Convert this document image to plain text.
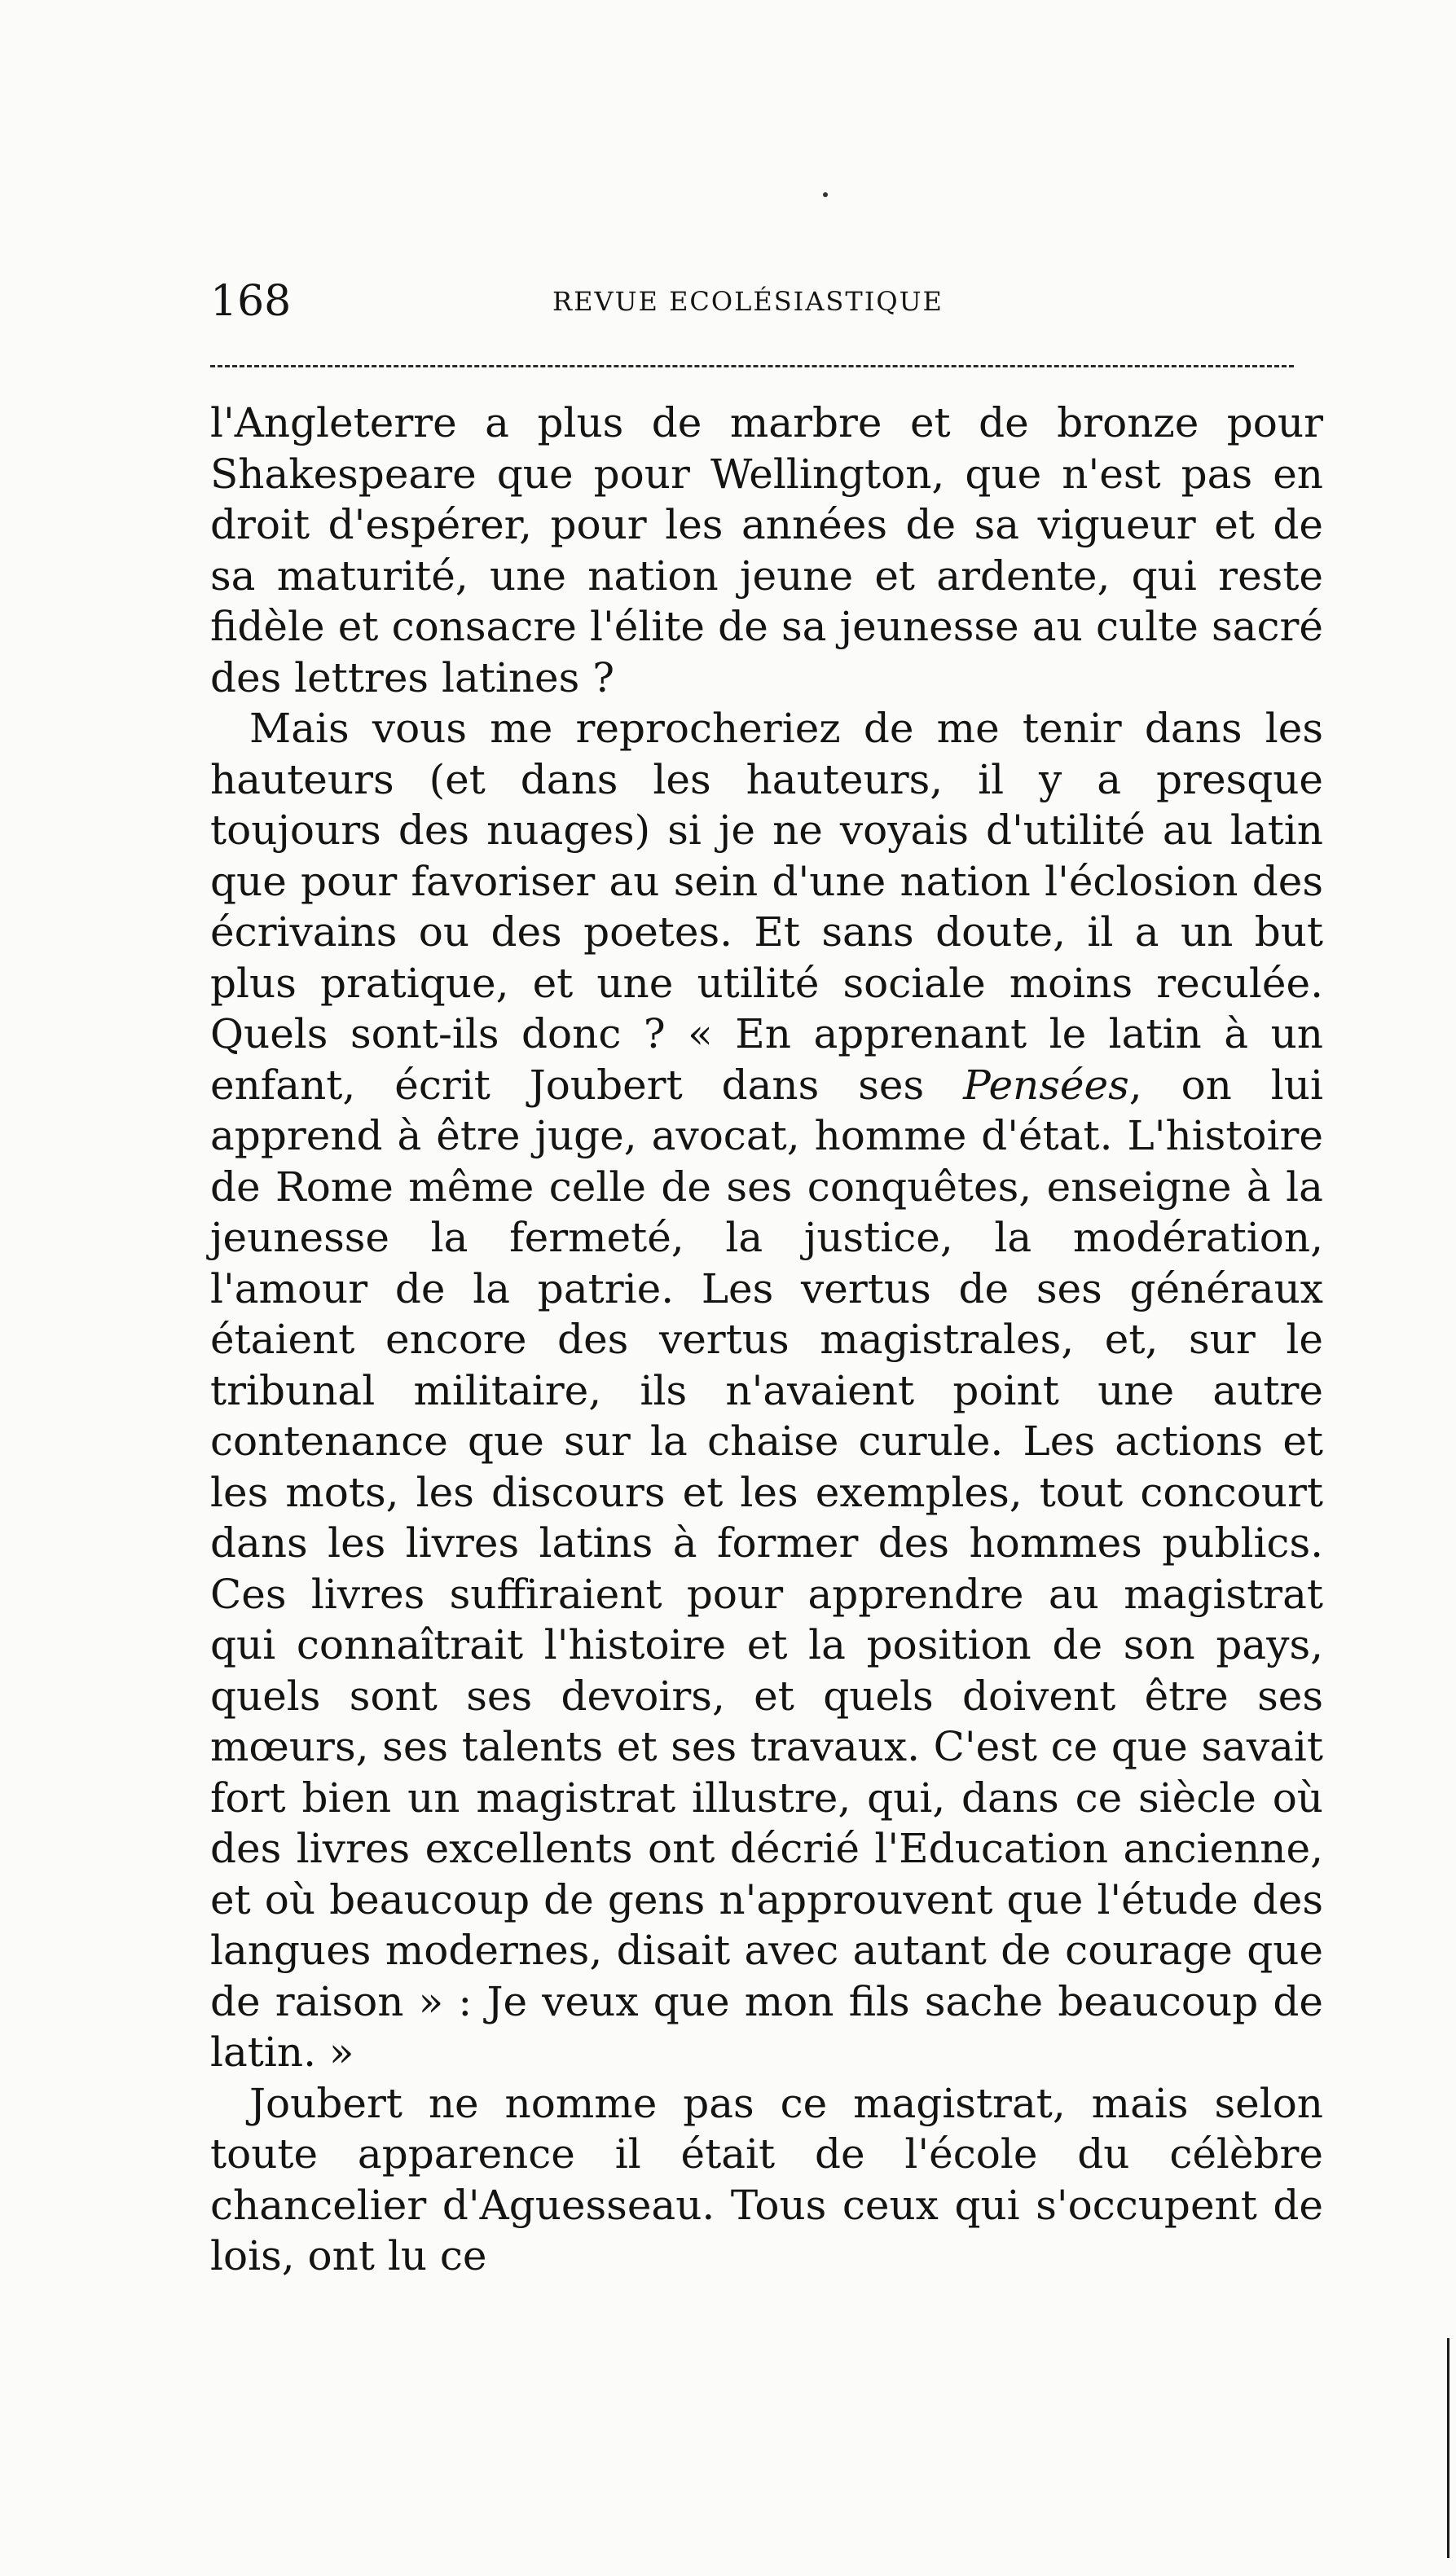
168	REVUE ECOLÉSIASTIQUE

l'Angleterre a plus de marbre et de bronze pour Shakespeare que pour Wellington, que n'est pas en droit d'espérer, pour les années de sa vigueur et de sa maturité, une nation jeune et ardente, qui reste fidèle et consacre l'élite de sa jeunesse au culte sacré des lettres latines ?

Mais vous me reprocheriez de me tenir dans les hauteurs (et dans les hauteurs, il y a presque toujours des nuages) si je ne voyais d'utilité au latin que pour favoriser au sein d'une nation l'éclosion des écrivains ou des poetes. Et sans doute, il a un but plus pratique, et une utilité sociale moins reculée. Quels sont-ils donc ? « En apprenant le latin à un enfant, écrit Joubert dans ses Pensées, on lui apprend à être juge, avocat, homme d'état. L'histoire de Rome même celle de ses conquêtes, enseigne à la jeunesse la fermeté, la justice, la modération, l'amour de la patrie. Les vertus de ses généraux étaient encore des vertus magistrales, et, sur le tribunal militaire, ils n'avaient point une autre contenance que sur la chaise curule. Les actions et les mots, les discours et les exemples, tout concourt dans les livres latins à former des hommes publics. Ces livres suffiraient pour apprendre au magistrat qui connaîtrait l'histoire et la position de son pays, quels sont ses devoirs, et quels doivent être ses mœurs, ses talents et ses travaux. C'est ce que savait fort bien un magistrat illustre, qui, dans ce siècle où des livres excellents ont décrié l'Education ancienne, et où beaucoup de gens n'approuvent que l'étude des langues modernes, disait avec autant de courage que de raison » : Je veux que mon fils sache beaucoup de latin. »

Joubert ne nomme pas ce magistrat, mais selon toute apparence il était de l'école du célèbre chancelier d'Aguesseau. Tous ceux qui s'occupent de lois, ont lu ce
